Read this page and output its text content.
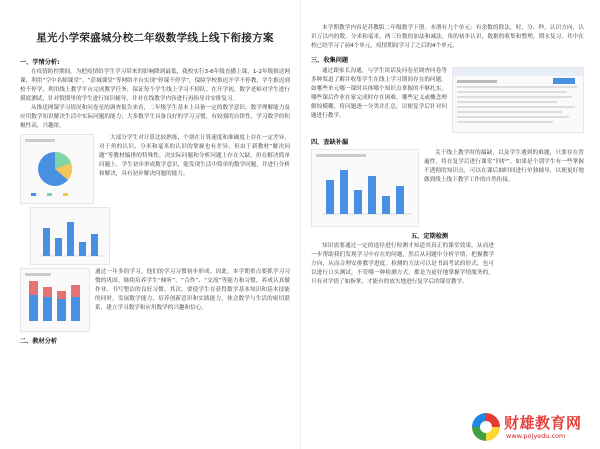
星光小学荣盛城分校二年级数学线上线下衔接方案
一、学情分析:

在疫情防控期间，为把疫情给学生学习带来的影响降到最低，我校实行3-6年级直播上课，1-2年级推送网课，利用“空中名师课堂”、“彭城课堂”等网络平台实现“停课不停学”，保障学校推迟开学不停教，学生推迟到校不停学，利用线上教学平台完成教学任务，保证每个学生线上学习不掉队。在开学初，数学老师对学生进行摸底测试，针对假期里的学生进行知识辅导，并对在线教学内容进行再指导并安排复习。

从推送网课学习情况和问卷星的调查报告来看，二年级学生基本上具备一定的数学意识、数学理解能力及应用数学知识解决生活中实际问题的能力；大多数学生具备良好的学习习惯，有较强的自律性，学习数学的积极性高，兴趣浓。

大部分学生对计算比较熟练，个别在计算速度和准确度上存在一定差异，对于角的认识、分米和毫米的认识的掌握也有差异，但由于新教材“解决问题”等教材编排的特殊性，决实际问题和分析问题上存在欠缺，但在解决简单问题上，学生初步形成数学意识，能发现生活中简单的数学问题，并进行分析和解决，具有初步解决问题的能力。

通过一年多的学习，他们的学习习惯初步形成。因此，本学期重点要抓学习习惯的巩固、继续培养学生“倾听”、“合作”、“交流”等能力和习惯，养成认真做作业、书写整洁的良好习惯。其次，要使学生在获得数学基本知识和基本技能的同时，发展数学能力，培养创新意识和实践能力，体会数学与生活的密切联系，建立学习数学和应用数学的兴趣和信心。

二、教材分析

本学期教学内容是苏教版二年级数学下册。本册有九个单元：有余数的除法，时、分、秒，认识方向，认识万以内的数，分米和毫米，两三位数的加法和减法，角的初步认识，数据的收集和整理，期末复习。其中在校已经学习了前4个单元，疫情期间学习了之后的4个单元。

三、收集问题

通过跟家长沟通，与学生谈话及问卷星调查问卷等多种渠道了解并收集学生在线上学习期间存在的问题。如哪些单元哪一课时具体哪个知识点掌握的不够扎实，哪些课后作业在家完成时存在困难，哪些定义或概念理解较模糊，将问题逐一分类并汇总，以便复学后针对问题进行教学。

四、查缺补漏

关于线上教学时的漏缺，以及学生遇到的难题，只要存在普遍性，将在复学后进行课堂“回炉”。如果是个别学生有一些掌握不透彻的知识点，可以在课后抽时间进行单独辅导，以便更好地做到线上线下教学工作的自然衔接。

五、定期检测

知识需要通过一定的途径进行检测才知道其真正的课堂效果，从而进一步帮助我们发现学习中存在的问题，然后从问题中分析学情，把握教学方向，从而合理安排教学进度。检测的方法可以是书面考试的形式，也可以进行口头测试，不管哪一种检测方式，都是为更好地掌握学情服务的，只有对学情了如指掌，才能有的放矢地进行复学后的课堂教学。

财雄教育网
www.pojyedu.com
